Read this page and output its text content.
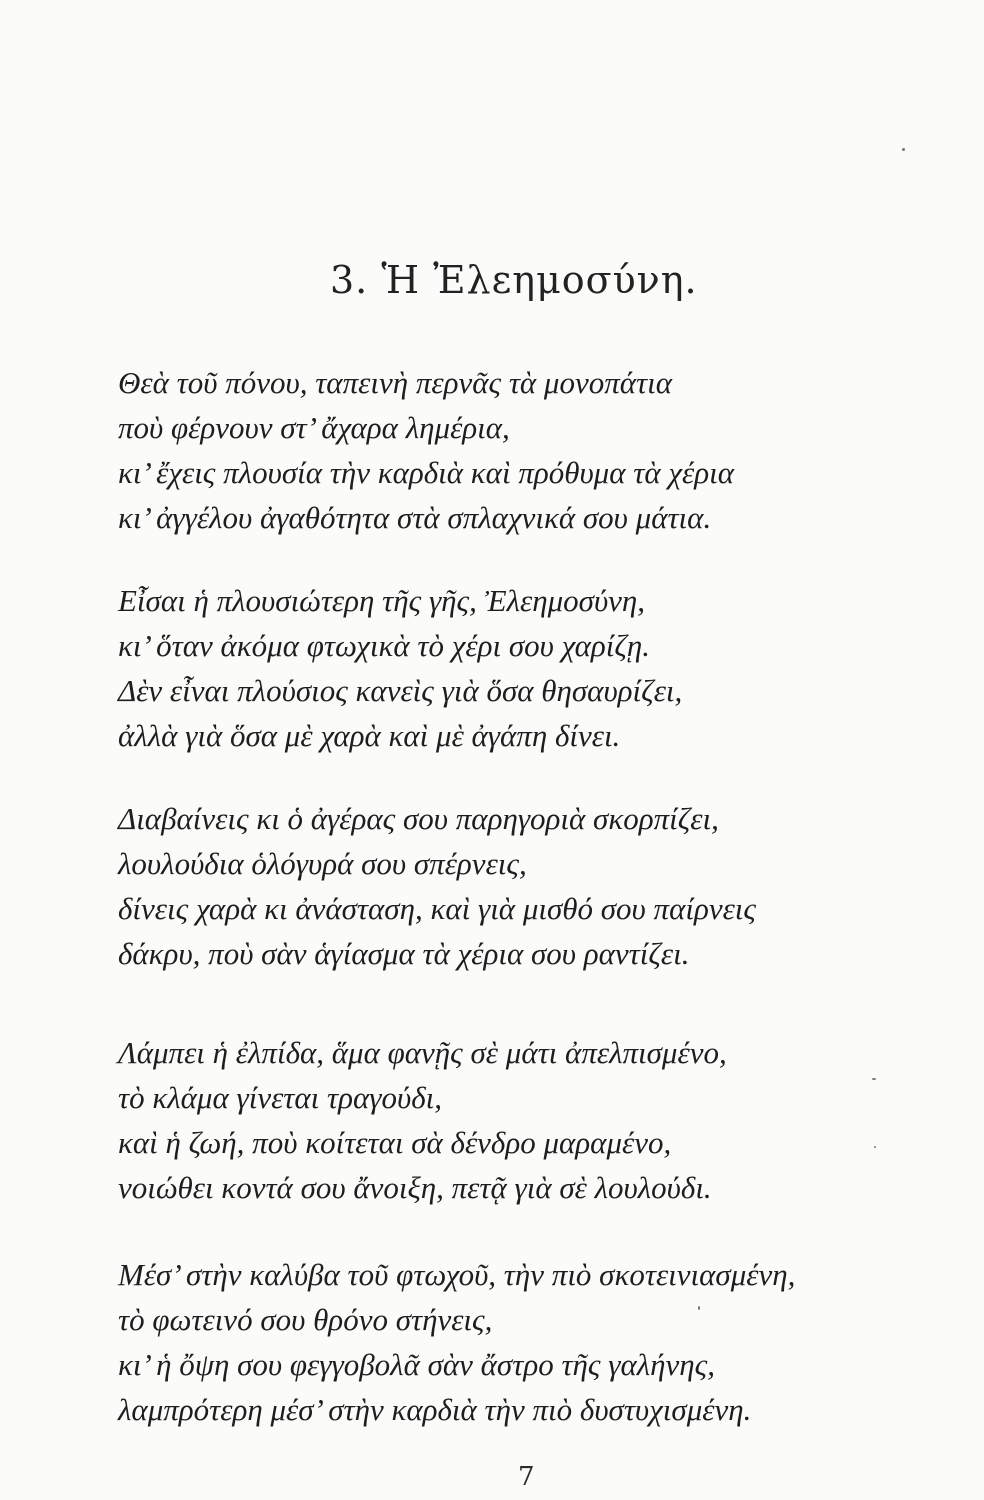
3. Ἡ Ἐλεημοσύνη.
Θεὰ τοῦ πόνου, ταπεινὴ περνᾶς τὰ μονοπάτια
ποὺ φέρνουν στ’ ἄχαρα λημέρια,
κι’ ἔχεις πλουσία τὴν καρδιὰ καὶ πρόθυμα τὰ χέρια
κι’ ἀγγέλου ἀγαθότητα στὰ σπλαχνικά σου μάτια.
Εἶσαι ἡ πλουσιώτερη τῆς γῆς, Ἐλεημοσύνη,
κι’ ὅταν ἀκόμα φτωχικὰ τὸ χέρι σου χαρίζῃ.
Δὲν εἶναι πλούσιος κανεὶς γιὰ ὅσα θησαυρίζει,
ἀλλὰ γιὰ ὅσα μὲ χαρὰ καὶ μὲ ἀγάπη δίνει.
Διαβαίνεις κι ὁ ἀγέρας σου παρηγοριὰ σκορπίζει,
λουλούδια ὁλόγυρά σου σπέρνεις,
δίνεις χαρὰ κι ἀνάσταση, καὶ γιὰ μισθό σου παίρνεις
δάκρυ, ποὺ σὰν ἁγίασμα τὰ χέρια σου ραντίζει.
Λάμπει ἡ ἐλπίδα, ἅμα φανῇς σὲ μάτι ἀπελπισμένο,
τὸ κλάμα γίνεται τραγούδι,
καὶ ἡ ζωή, ποὺ κοίτεται σὰ δένδρο μαραμένο,
νοιώθει κοντά σου ἄνοιξη, πετᾷ γιὰ σὲ λουλούδι.
Μέσ’ στὴν καλύβα τοῦ φτωχοῦ, τὴν πιὸ σκοτεινιασμένη,
τὸ φωτεινό σου θρόνο στήνεις,
κι’ ἡ ὄψη σου φεγγοβολᾶ σὰν ἄστρο τῆς γαλήνης,
λαμπρότερη μέσ’ στὴν καρδιὰ τὴν πιὸ δυστυχισμένη.
7
